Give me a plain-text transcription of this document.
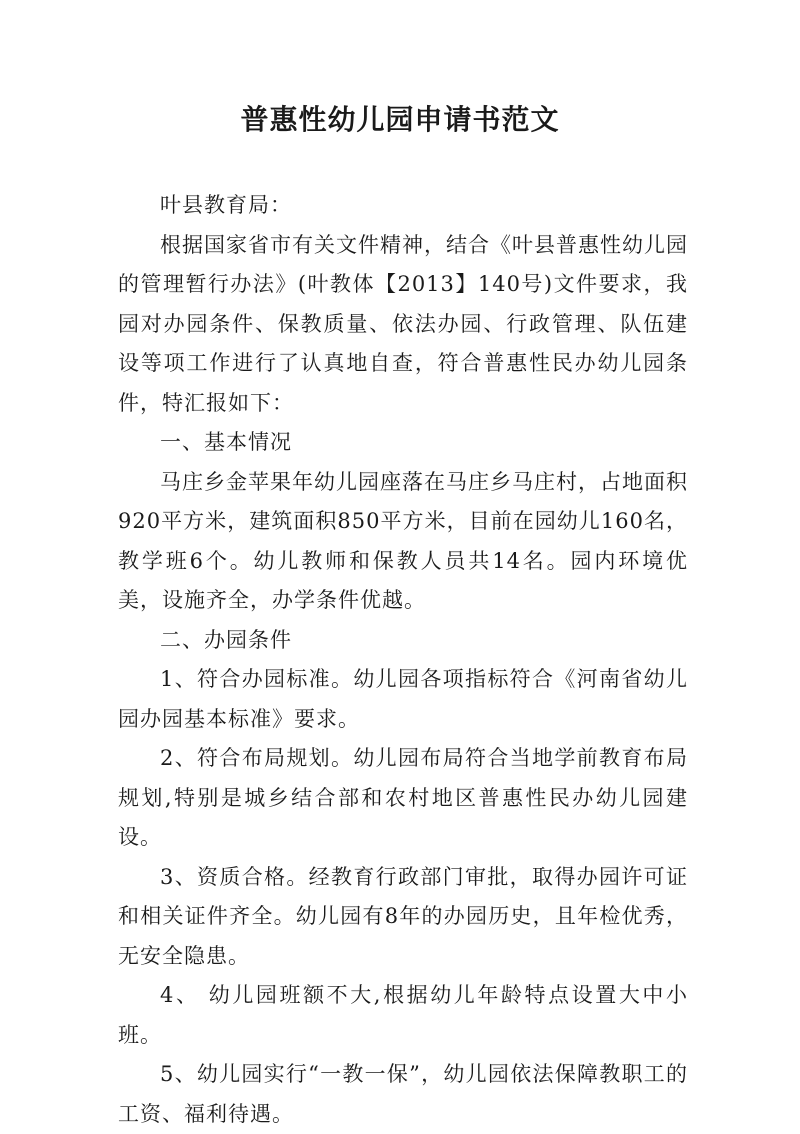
普惠性幼儿园申请书范文

叶县教育局：

根据国家省市有关文件精神，结合《叶县普惠性幼儿园的管理暂行办法》(叶教体【2013】140号)文件要求，我园对办园条件、保教质量、依法办园、行政管理、队伍建设等项工作进行了认真地自查，符合普惠性民办幼儿园条件，特汇报如下：

一、基本情况

马庄乡金苹果年幼儿园座落在马庄乡马庄村，占地面积920平方米，建筑面积850平方米，目前在园幼儿160名，教学班6个。幼儿教师和保教人员共14名。园内环境优美，设施齐全，办学条件优越。

二、办园条件

1、符合办园标准。幼儿园各项指标符合《河南省幼儿园办园基本标准》要求。

2、符合布局规划。幼儿园布局符合当地学前教育布局规划,特别是城乡结合部和农村地区普惠性民办幼儿园建设。

3、资质合格。经教育行政部门审批，取得办园许可证和相关证件齐全。幼儿园有8年的办园历史，且年检优秀，无安全隐患。

4、 幼儿园班额不大,根据幼儿年龄特点设置大中小班。

5、幼儿园实行“一教一保”，幼儿园依法保障教职工的工资、福利待遇。
